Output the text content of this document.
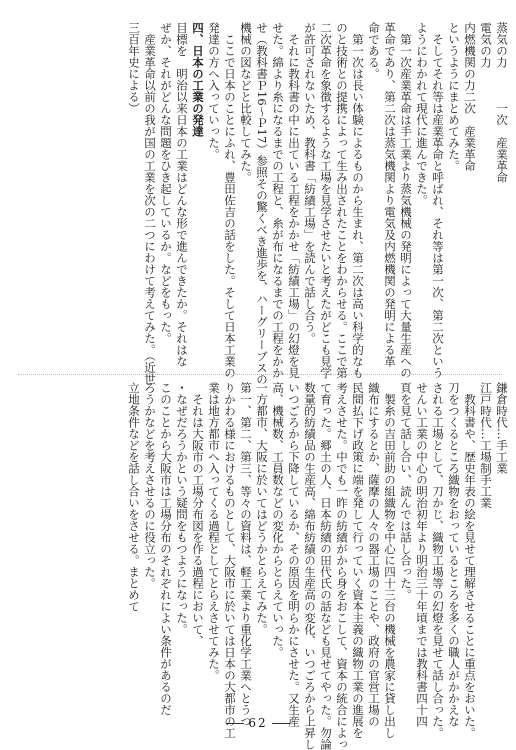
蒸気の力　　　一次　産業革命

電気の力

内燃機関の力二次　産業革命

というようにまとめてみた。

　そしてそれ等は産業革命と呼ばれ、それ等は第一次、第二次という

ようにわかれて現代に進んできた。

　第一次産業革命は手工業より蒸気機械の発明によって大量生産への

革命であり、第二次は蒸気機関より電気及内燃機関の発明による革

命である。

　第一次は長い体験によるものから生まれ、第二次は高い科学的なも

のと技術との提携によって生み出されたことをわからせる。ここで第

二次革命を象徴するような工場を見学させたいと考えたがどこも見学

が許可されないため、教科書「紡績工場」を読んで話し合う。

　それに教科書の中に出ている工程をかかせ「紡績工場」の幻燈を見

せた。綿より糸になるまでの工程と、糸が布になるまでの工程をかか

せ（教科書Ｐ16～Ｐ17）参照その驚くべき進歩を、ハーグリーブスの

機械の図などと比較してみた。

　ここで日本のことにふれ、豊田佐吉の話をした。そして日本工業の

発達の方へ入っていった。

四、日本の工業の発達

目標を　明治以来日本の工業はどんな形で進んできたか。それはな

ぜか、それがどんな問題をひき起しているか。などをもった。

　産業革命以前の我が国の工業を次の二つにわけて考えてみた。（近世

三百年史による）

鎌倉時代…手工業

江戸時代…工場制手工業

　教科書や、歴史年表の絵を見せて理解させることに重点をおいた。

刀をつくるところ織物をおっているところを多くの職人がかかえな

される工場として、刀かじ、織物工場等の幻燈を見せて話し合った。

せんい工業の中心の明治初年より明治三十年頃までは教科書四十四

頁を見て話し合い、読んでは話し合った。

　製糸の吉田前助の組織物を中心に四十三台の機械を農家に貸し出し

織布にするとか、薩摩の人々の器工場のことや、政府の官営工場の

民間払下げ政策に端を発して行っていく資本主義の織物工業の進展を

考えさせた。中でも一昨の紡績がから身をおこして、資本の統合によっ

て育った。郷土の人、日本紡績の田代氏の話なども見せてやった。勿論

数量的紡績品の生産高、綿布紡績の生産高の変化、いつごろから上昇し

いつごろから下降しているか、その原因を明らかにさせた。又生産

高、機械数、工員数などの変化からとらえていった。

一方都市、大阪に於いてはどうかとらえてみた。

第一、第二、第三、等々の資料は、軽工業より重化学工業へとうつ

りかわる様におけるものとして、大阪市に於いては日本の大都市の工

業は地方都市へ入ってくる過程としてとらえさせてみた。

　それは大阪市の工場分布図を作る過程において、

・なぜだろうかという疑問をもつようになった。

このことから大阪市は工場分布のそれぞれによい条件があるのだ

ろうかなどを考えさせるのに役立った。

立地条件などを話し合いをさせる。まとめて

62
